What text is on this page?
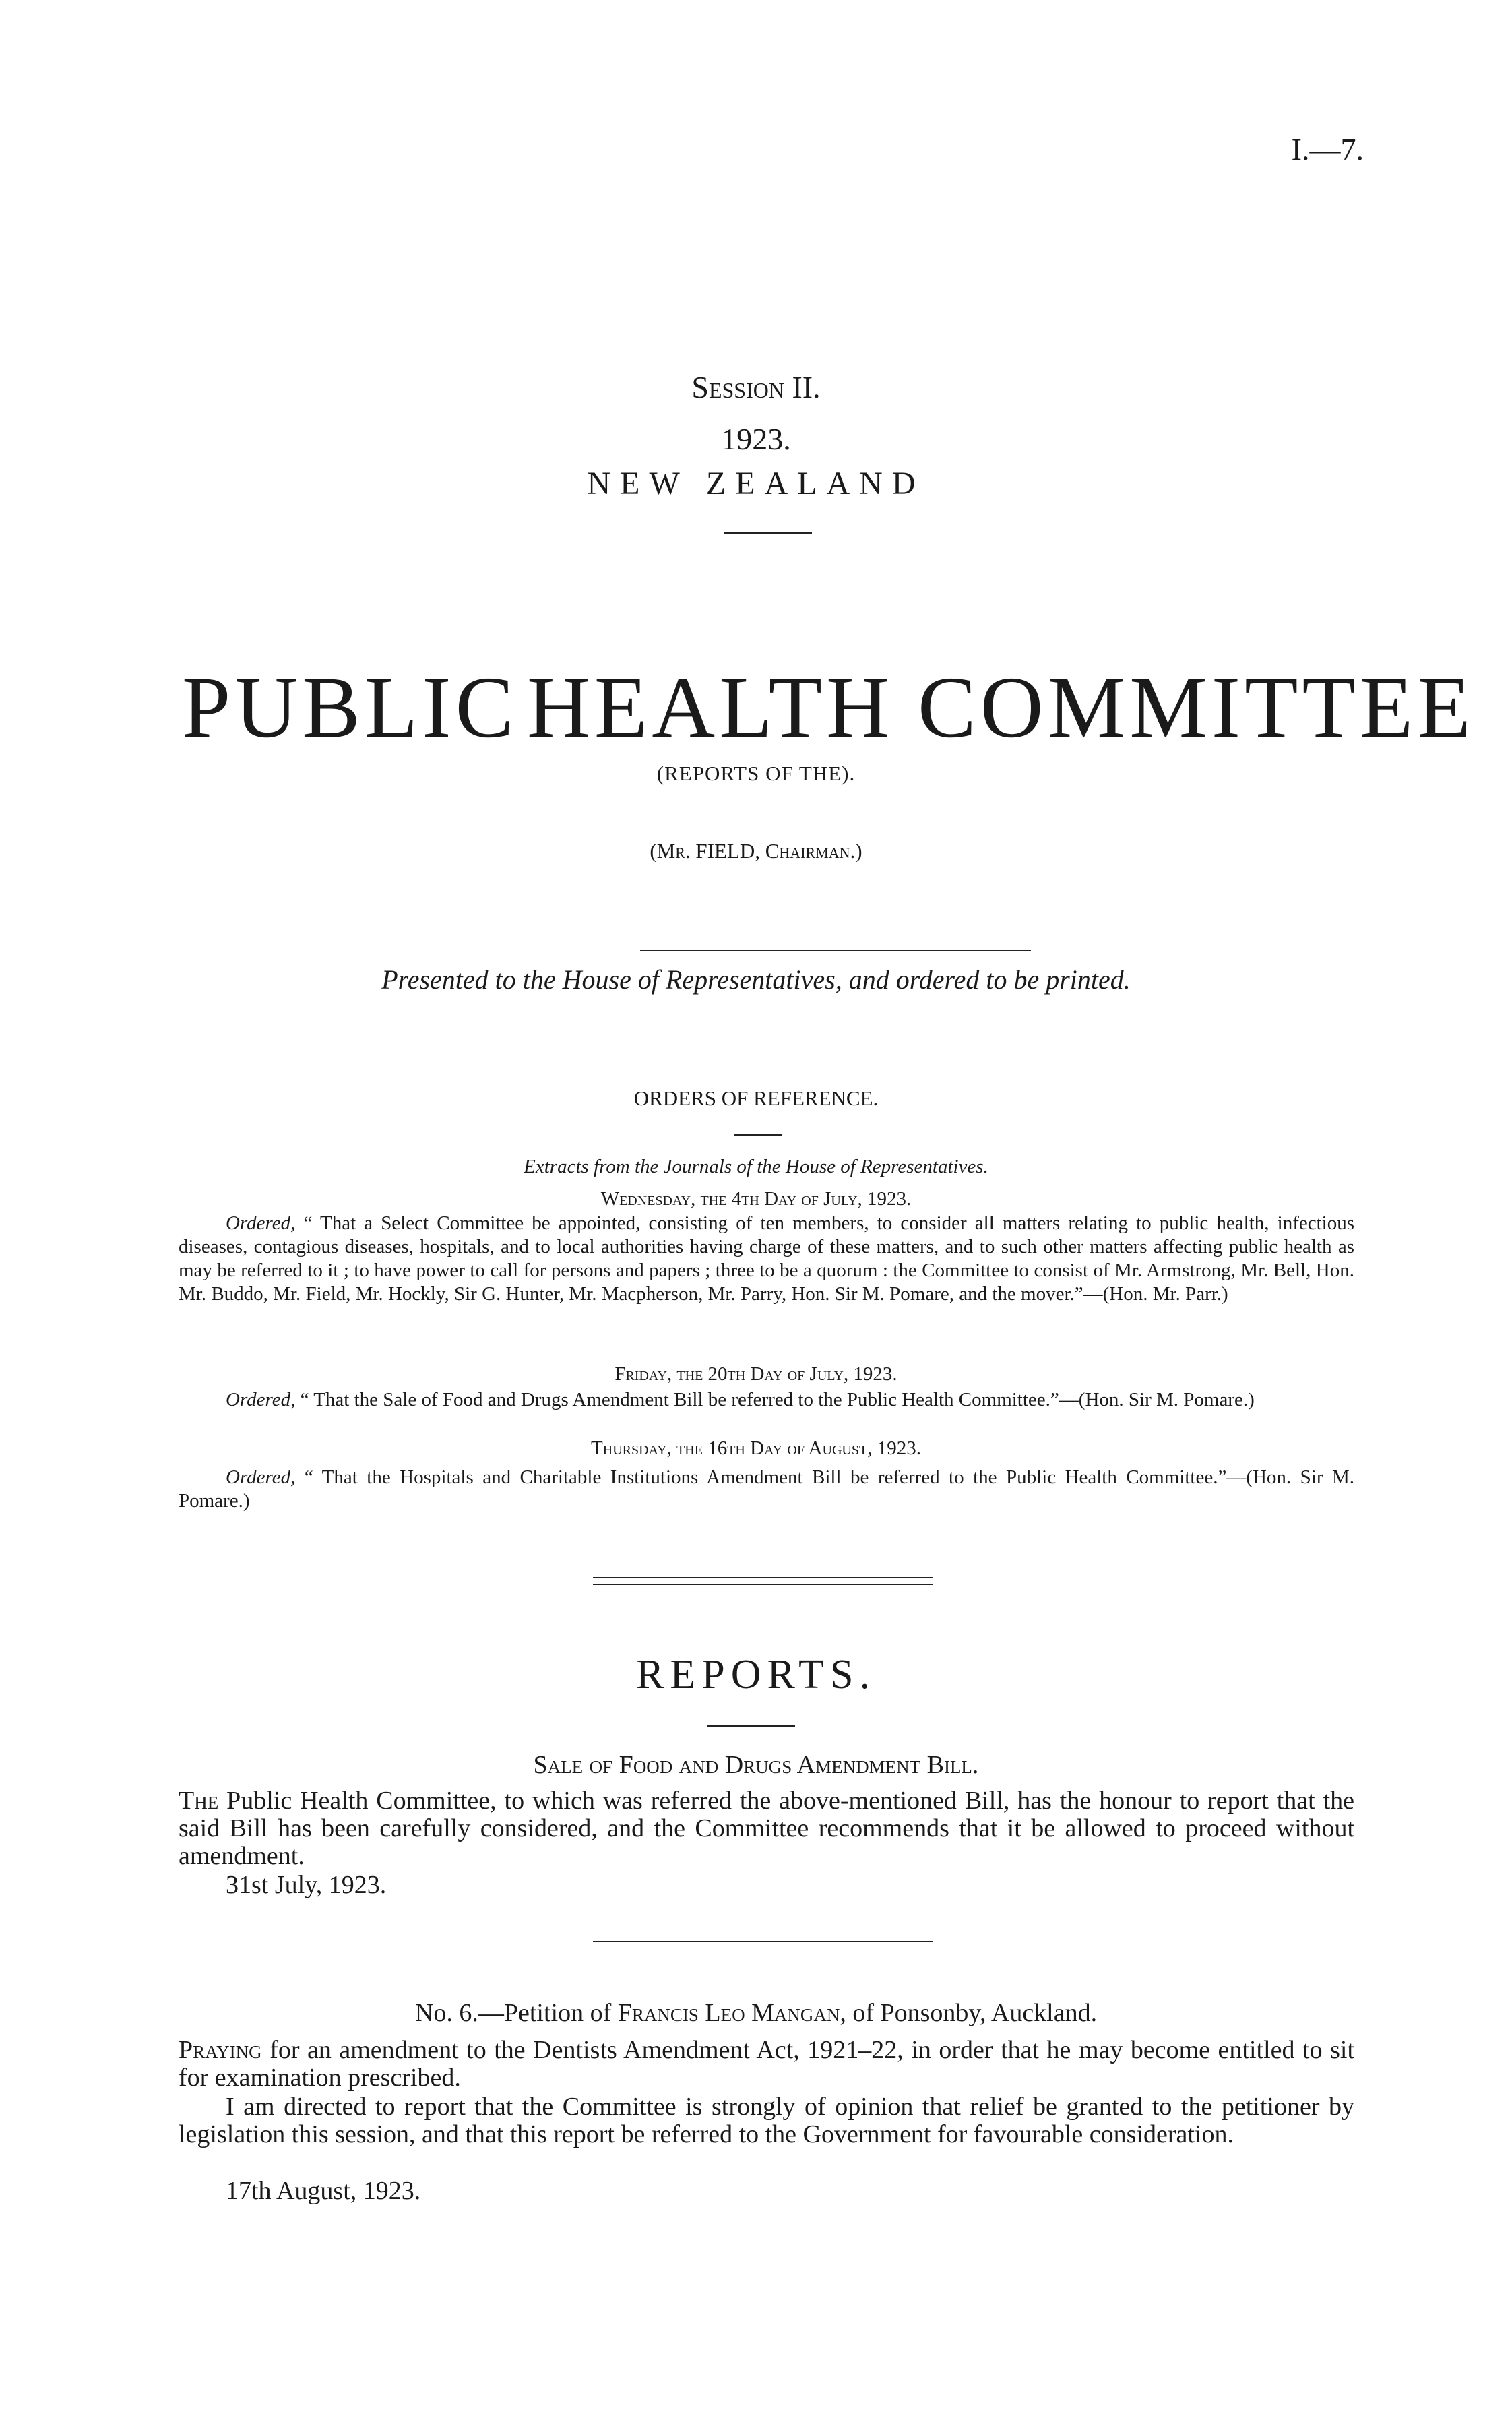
I.—7.
Session II.
1923.
NEW ZEALAND
PUBLIC HEALTH COMMITTEE
(REPORTS OF THE).
(Mr. FIELD, Chairman.)
Presented to the House of Representatives, and ordered to be printed.
ORDERS OF REFERENCE.
Extracts from the Journals of the House of Representatives.
Wednesday, the 4th Day of July, 1923.
Ordered, “ That a Select Committee be appointed, consisting of ten members, to consider all matters relating to public health, infectious diseases, contagious diseases, hospitals, and to local authorities having charge of these matters, and to such other matters affecting public health as may be referred to it ; to have power to call for persons and papers ; three to be a quorum : the Committee to consist of Mr. Armstrong, Mr. Bell, Hon. Mr. Buddo, Mr. Field, Mr. Hockly, Sir G. Hunter, Mr. Macpherson, Mr. Parry, Hon. Sir M. Pomare, and the mover.”—(Hon. Mr. Parr.)
Friday, the 20th Day of July, 1923.
Ordered, “ That the Sale of Food and Drugs Amendment Bill be referred to the Public Health Committee.”—(Hon. Sir M. Pomare.)
Thursday, the 16th Day of August, 1923.
Ordered, “ That the Hospitals and Charitable Institutions Amendment Bill be referred to the Public Health Committee.”—(Hon. Sir M. Pomare.)
REPORTS.
Sale of Food and Drugs Amendment Bill.
The Public Health Committee, to which was referred the above-mentioned Bill, has the honour to report that the said Bill has been carefully considered, and the Committee recommends that it be allowed to proceed without amendment.
31st July, 1923.
No. 6.—Petition of Francis Leo Mangan, of Ponsonby, Auckland.
Praying for an amendment to the Dentists Amendment Act, 1921–22, in order that he may become entitled to sit for examination prescribed.
I am directed to report that the Committee is strongly of opinion that relief be granted to the petitioner by legislation this session, and that this report be referred to the Government for favourable consideration.
17th August, 1923.
